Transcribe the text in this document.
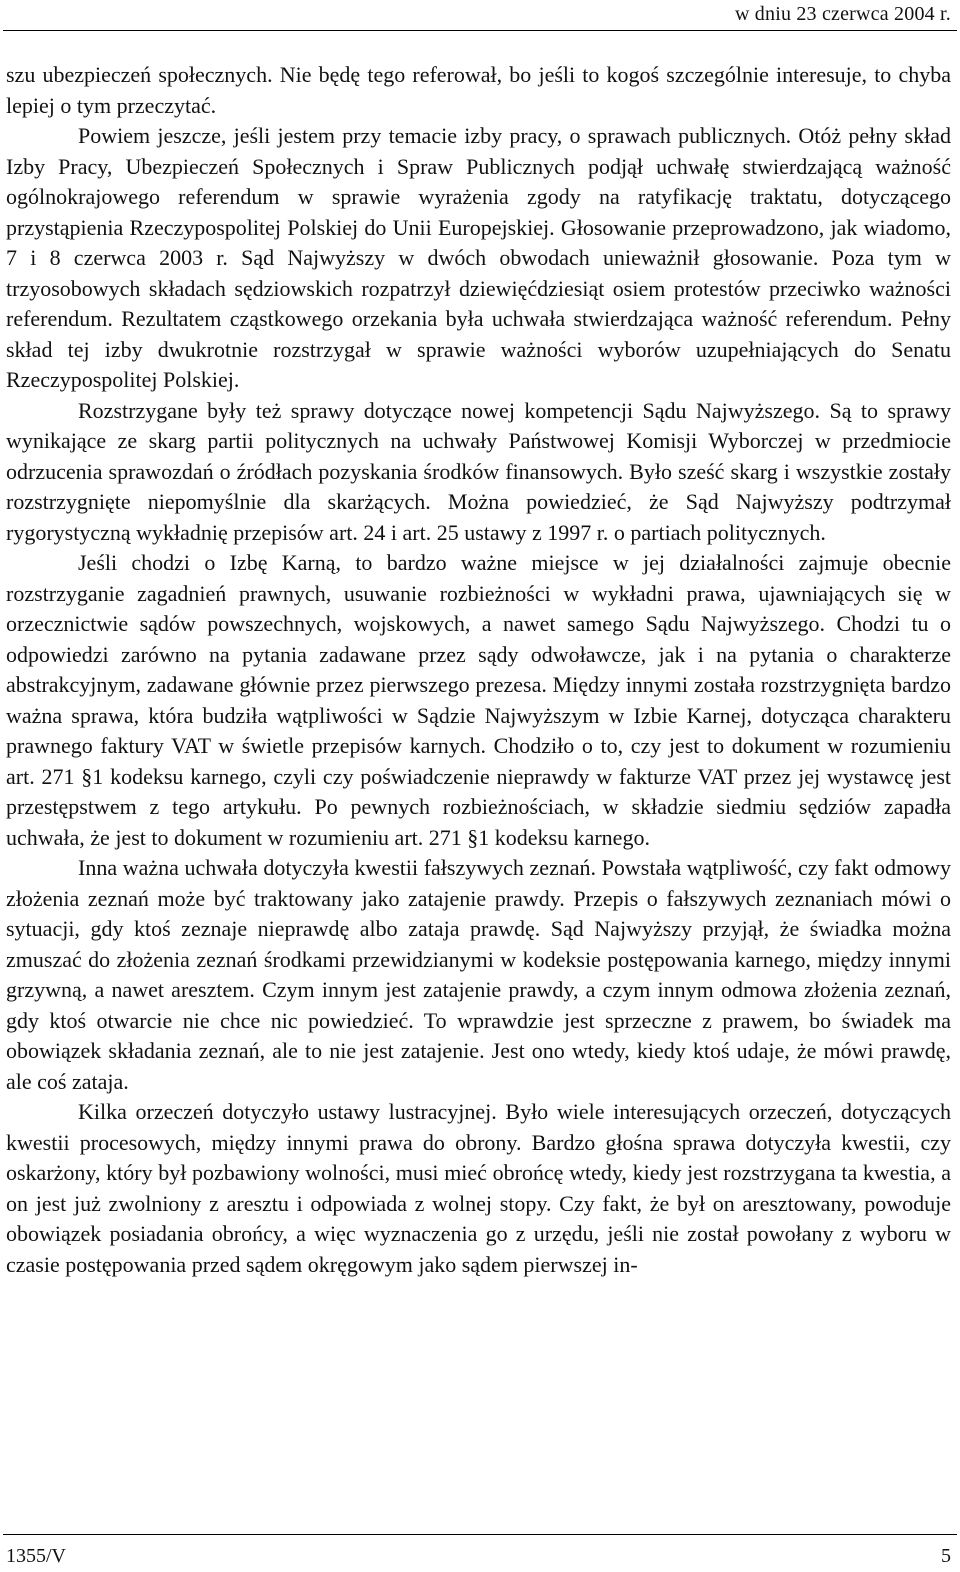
w dniu 23 czerwca 2004 r.

szu ubezpieczeń społecznych. Nie będę tego referował, bo jeśli to kogoś szczególnie interesuje, to chyba lepiej o tym przeczytać.

Powiem jeszcze, jeśli jestem przy temacie izby pracy, o sprawach publicznych. Otóż pełny skład Izby Pracy, Ubezpieczeń Społecznych i Spraw Publicznych podjął uchwałę stwierdzającą ważność ogólnokrajowego referendum w sprawie wyrażenia zgody na ratyfikację traktatu, dotyczącego przystąpienia Rzeczypospolitej Polskiej do Unii Europejskiej. Głosowanie przeprowadzono, jak wiadomo, 7 i 8 czerwca 2003 r. Sąd Najwyższy w dwóch obwodach unieważnił głosowanie. Poza tym w trzyosobowych składach sędziowskich rozpatrzył dziewięćdziesiąt osiem protestów przeciwko ważności referendum. Rezultatem cząstkowego orzekania była uchwała stwierdzająca ważność referendum. Pełny skład tej izby dwukrotnie rozstrzygał w sprawie ważności wyborów uzupełniających do Senatu Rzeczypospolitej Polskiej.

Rozstrzygane były też sprawy dotyczące nowej kompetencji Sądu Najwyższego. Są to sprawy wynikające ze skarg partii politycznych na uchwały Państwowej Komisji Wyborczej w przedmiocie odrzucenia sprawozdań o źródłach pozyskania środków finansowych. Było sześć skarg i wszystkie zostały rozstrzygnięte niepomyślnie dla skarżących. Można powiedzieć, że Sąd Najwyższy podtrzymał rygorystyczną wykładnię przepisów art. 24 i art. 25 ustawy z 1997 r. o partiach politycznych.

Jeśli chodzi o Izbę Karną, to bardzo ważne miejsce w jej działalności zajmuje obecnie rozstrzyganie zagadnień prawnych, usuwanie rozbieżności w wykładni prawa, ujawniających się w orzecznictwie sądów powszechnych, wojskowych, a nawet samego Sądu Najwyższego. Chodzi tu o odpowiedzi zarówno na pytania zadawane przez sądy odwoławcze, jak i na pytania o charakterze abstrakcyjnym, zadawane głównie przez pierwszego prezesa. Między innymi została rozstrzygnięta bardzo ważna sprawa, która budziła wątpliwości w Sądzie Najwyższym w Izbie Karnej, dotycząca charakteru prawnego faktury VAT w świetle przepisów karnych. Chodziło o to, czy jest to dokument w rozumieniu art. 271 §1 kodeksu karnego, czyli czy poświadczenie nieprawdy w fakturze VAT przez jej wystawcę jest przestępstwem z tego artykułu. Po pewnych rozbieżnościach, w składzie siedmiu sędziów zapadła uchwała, że jest to dokument w rozumieniu art. 271 §1 kodeksu karnego.

Inna ważna uchwała dotyczyła kwestii fałszywych zeznań. Powstała wątpliwość, czy fakt odmowy złożenia zeznań może być traktowany jako zatajenie prawdy. Przepis o fałszywych zeznaniach mówi o sytuacji, gdy ktoś zeznaje nieprawdę albo zataja prawdę. Sąd Najwyższy przyjął, że świadka można zmuszać do złożenia zeznań środkami przewidzianymi w kodeksie postępowania karnego, między innymi grzywną, a nawet aresztem. Czym innym jest zatajenie prawdy, a czym innym odmowa złożenia zeznań, gdy ktoś otwarcie nie chce nic powiedzieć. To wprawdzie jest sprzeczne z prawem, bo świadek ma obowiązek składania zeznań, ale to nie jest zatajenie. Jest ono wtedy, kiedy ktoś udaje, że mówi prawdę, ale coś zataja.

Kilka orzeczeń dotyczyło ustawy lustracyjnej. Było wiele interesujących orzeczeń, dotyczących kwestii procesowych, między innymi prawa do obrony. Bardzo głośna sprawa dotyczyła kwestii, czy oskarżony, który był pozbawiony wolności, musi mieć obrońcę wtedy, kiedy jest rozstrzygana ta kwestia, a on jest już zwolniony z aresztu i odpowiada z wolnej stopy. Czy fakt, że był on aresztowany, powoduje obowiązek posiadania obrońcy, a więc wyznaczenia go z urzędu, jeśli nie został powołany z wyboru w czasie postępowania przed sądem okręgowym jako sądem pierwszej in-

1355/V	5
